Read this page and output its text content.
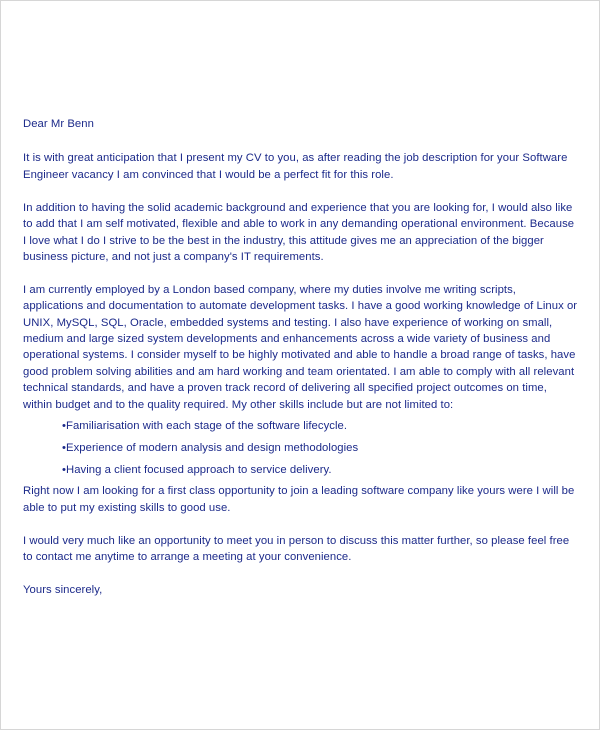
Dear Mr Benn

It is with great anticipation that I present my CV to you, as after reading the job description for your Software Engineer vacancy I am convinced that I would be a perfect fit for this role.

In addition to having the solid academic background and experience that you are looking for, I would also like to add that I am self motivated, flexible and able to work in any demanding operational environment. Because I love what I do I strive to be the best in the industry, this attitude gives me an appreciation of the bigger business picture, and not just a company's IT requirements.

I am currently employed by a London based company, where my duties involve me writing scripts, applications and documentation to automate development tasks. I have a good working knowledge of Linux or UNIX, MySQL, SQL, Oracle, embedded systems and testing. I also have experience of working on small, medium and large sized system developments and enhancements across a wide variety of business and operational systems. I consider myself to be highly motivated and able to handle a broad range of tasks, have good problem solving abilities and am hard working and team orientated. I am able to comply with all relevant technical standards, and have a proven track record of delivering all specified project outcomes on time, within budget and to the quality required. My other skills include but are not limited to:

•Familiarisation with each stage of the software lifecycle.
•Experience of modern analysis and design methodologies
•Having a client focused approach to service delivery.

Right now I am looking for a first class opportunity to join a leading software company like yours were I will be able to put my existing skills to good use.

I would very much like an opportunity to meet you in person to discuss this matter further, so please feel free to contact me anytime to arrange a meeting at your convenience.

Yours sincerely,
